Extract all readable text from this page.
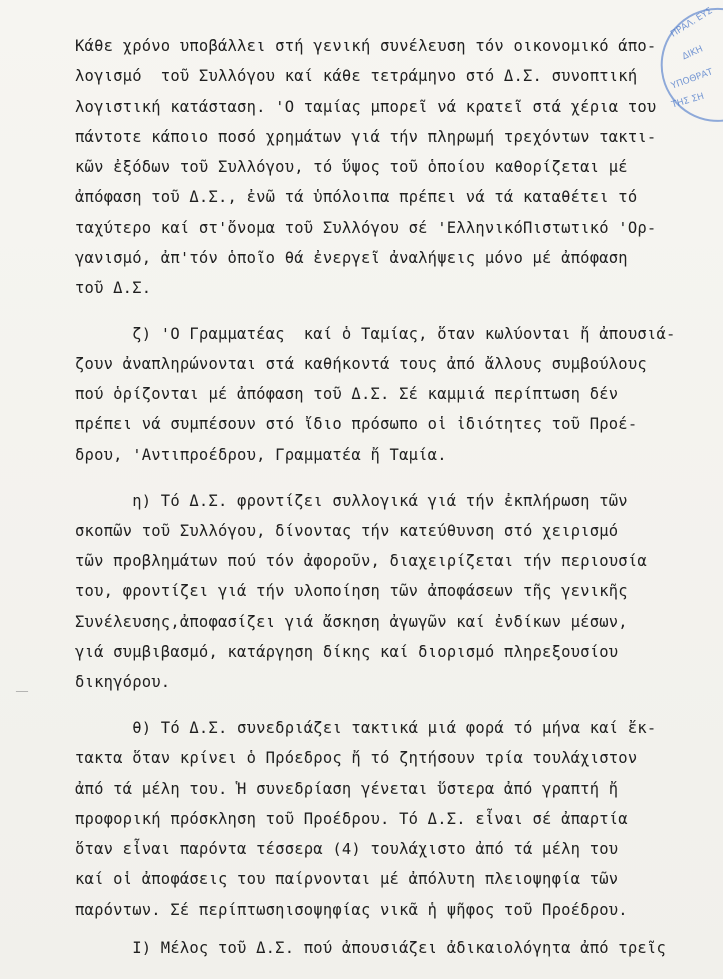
ΠΡΑΛ. ΕΥΣ
ΔΙΚΗ
ΥΠΟΘΡΑΤ
ΤΗΣ ΣΗ
—
Κάθε χρόνο υποβάλλει στή γενική συνέλευση τόν οικονομικό άπο-
λογισμό  τοῦ Συλλόγου καί κάθε τετράμηνο στό Δ.Σ. συνοπτική
λογιστική κατάσταση. 'Ο ταμίας μπορεῖ νά κρατεῖ στά χέρια του
πάντοτε κάποιο ποσό χρημάτων γιά τήν πληρωμή τρεχόντων τακτι-
κῶν ἐξόδων τοῦ Συλλόγου, τό ὕψος τοῦ ὁποίου καθορίζεται μέ
ἀπόφαση τοῦ Δ.Σ., ἐνῶ τά ὑπόλοιπα πρέπει νά τά καταθέτει τό
ταχύτερο καί στ'ὄνομα τοῦ Συλλόγου σέ 'ΕλληνικόΠιστωτικό 'Ορ-
γανισμό, ἀπ'τόν ὁποῖο θά ἐνεργεῖ ἀναλήψεις μόνο μέ ἀπόφαση
τοῦ Δ.Σ.
ζ) 'Ο Γραμματέας  καί ὁ Ταμίας, ὅταν κωλύονται ἤ ἀπουσιά-
ζουν ἀναπληρώνονται στά καθήκοντά τους ἀπό ἄλλους συμβούλους
πού ὁρίζονται μέ ἀπόφαση τοῦ Δ.Σ. Σέ καμμιά περίπτωση δέν
πρέπει νά συμπέσουν στό ἴδιο πρόσωπο οἱ ἰδιότητες τοῦ Προέ-
δρου, 'Αντιπροέδρου, Γραμματέα ἤ Ταμία.
η) Τό Δ.Σ. φροντίζει συλλογικά γιά τήν ἐκπλήρωση τῶν
σκοπῶν τοῦ Συλλόγου, δίνοντας τήν κατεύθυνση στό χειρισμό
τῶν προβλημάτων πού τόν ἀφοροῦν, διαχειρίζεται τήν περιουσία
του, φροντίζει γιά τήν υλοποίηση τῶν ἀποφάσεων τῆς γενικῆς
Συνέλευσης,ἀποφασίζει γιά ἄσκηση ἀγωγῶν καί ἐνδίκων μέσων,
γιά συμβιβασμό, κατάργηση δίκης καί διορισμό πληρεξουσίου
δικηγόρου.
θ) Τό Δ.Σ. συνεδριάζει τακτικά μιά φορά τό μήνα καί ἔκ-
τακτα ὅταν κρίνει ὁ Πρόεδρος ἤ τό ζητήσουν τρία τουλάχιστον
ἀπό τά μέλη του. Ἡ συνεδρίαση γένεται ὕστερα ἀπό γραπτή ἤ
προφορική πρόσκληση τοῦ Προέδρου. Τό Δ.Σ. εἶναι σέ ἀπαρτία
ὅταν εἶναι παρόντα τέσσερα (4) τουλάχιστο ἀπό τά μέλη του
καί οἱ ἀποφάσεις του παίρνονται μέ ἀπόλυτη πλειοψηφία τῶν
παρόντων. Σέ περίπτωσηισοψηφίας νικᾶ ἡ ψῆφος τοῦ Προέδρου.
Ι) Μέλος τοῦ Δ.Σ. πού ἀπουσιάζει ἀδικαιολόγητα ἀπό τρεῖς
